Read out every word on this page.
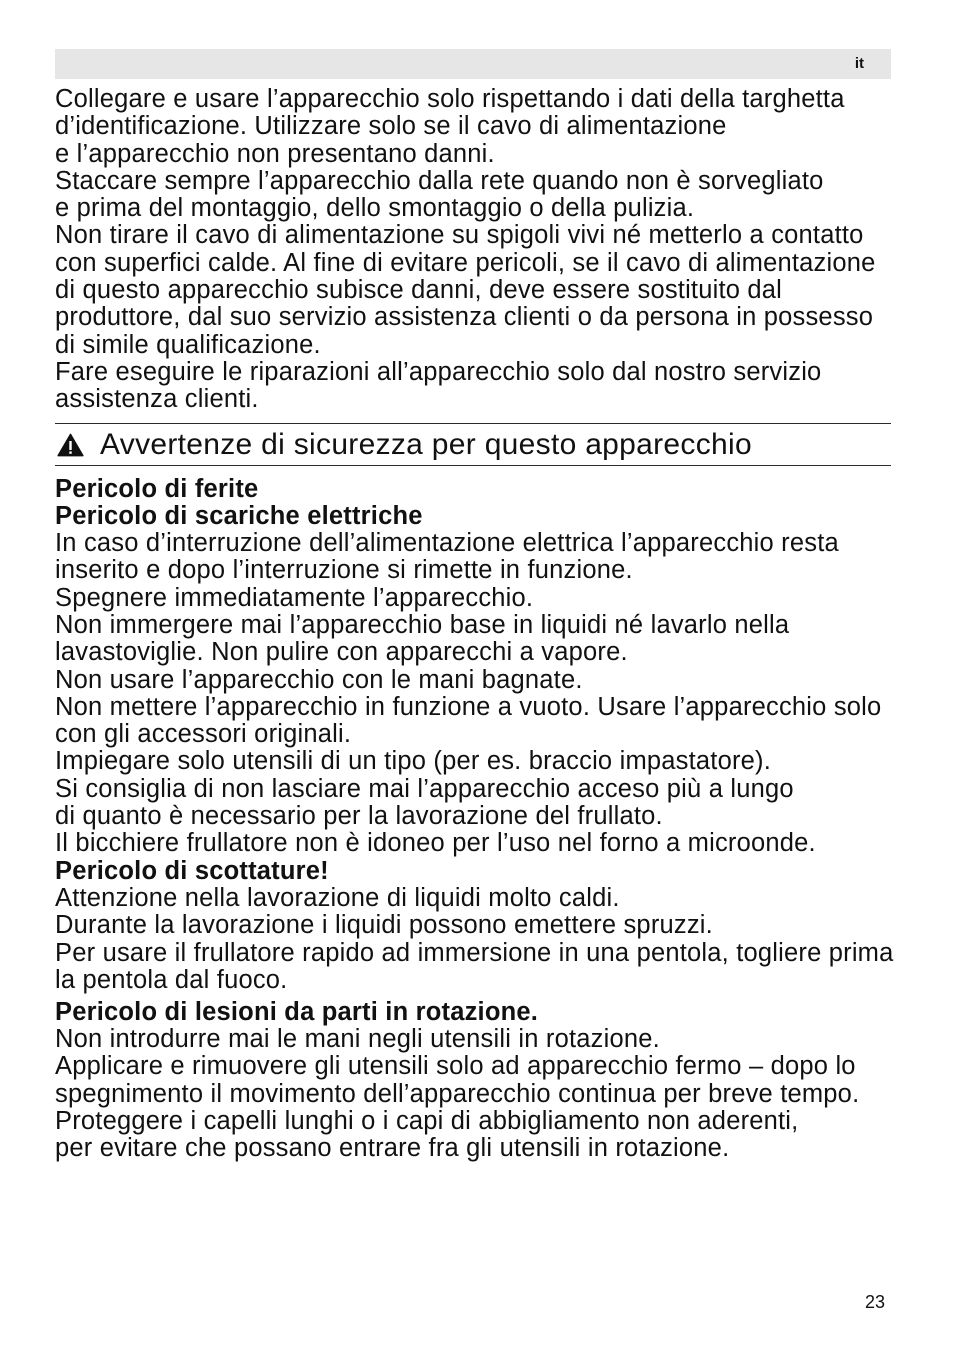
it
Collegare e usare l’apparecchio solo rispettando i dati della targhetta
d’identificazione. Utilizzare solo se il cavo di alimentazione
e l’apparecchio non presentano danni.
Staccare sempre l’apparecchio dalla rete quando non è sorvegliato
e prima del montaggio, dello smontaggio o della pulizia.
Non tirare il cavo di alimentazione su spigoli vivi né metterlo a contatto
con superfici calde. Al fine di evitare pericoli, se il cavo di alimentazione
di questo apparecchio subisce danni, deve essere sostituito dal
produttore, dal suo servizio assistenza clienti o da persona in possesso
di simile qualificazione.
Fare eseguire le riparazioni all’apparecchio solo dal nostro servizio
assistenza clienti.
Avvertenze di sicurezza per questo apparecchio
Pericolo di ferite
Pericolo di scariche elettriche
In caso d’interruzione dell’alimentazione elettrica l’apparecchio resta
inserito e dopo l’interruzione si rimette in funzione.
Spegnere immediatamente l’apparecchio.
Non immergere mai l’apparecchio base in liquidi né lavarlo nella
lavastoviglie. Non pulire con apparecchi a vapore.
Non usare l’apparecchio con le mani bagnate.
Non mettere l’apparecchio in funzione a vuoto. Usare l’apparecchio solo
con gli accessori originali.
Impiegare solo utensili di un tipo (per es. braccio impastatore).
Si consiglia di non lasciare mai l’apparecchio acceso più a lungo
di quanto è necessario per la lavorazione del frullato.
Il bicchiere frullatore non è idoneo per l’uso nel forno a microonde.
Pericolo di scottature!
Attenzione nella lavorazione di liquidi molto caldi.
Durante la lavorazione i liquidi possono emettere spruzzi.
Per usare il frullatore rapido ad immersione in una pentola, togliere prima
la pentola dal fuoco.
Pericolo di lesioni da parti in rotazione.
Non introdurre mai le mani negli utensili in rotazione.
Applicare e rimuovere gli utensili solo ad apparecchio fermo – dopo lo
spegnimento il movimento dell’apparecchio continua per breve tempo.
Proteggere i capelli lunghi o i capi di abbigliamento non aderenti,
per evitare che possano entrare fra gli utensili in rotazione.
23
